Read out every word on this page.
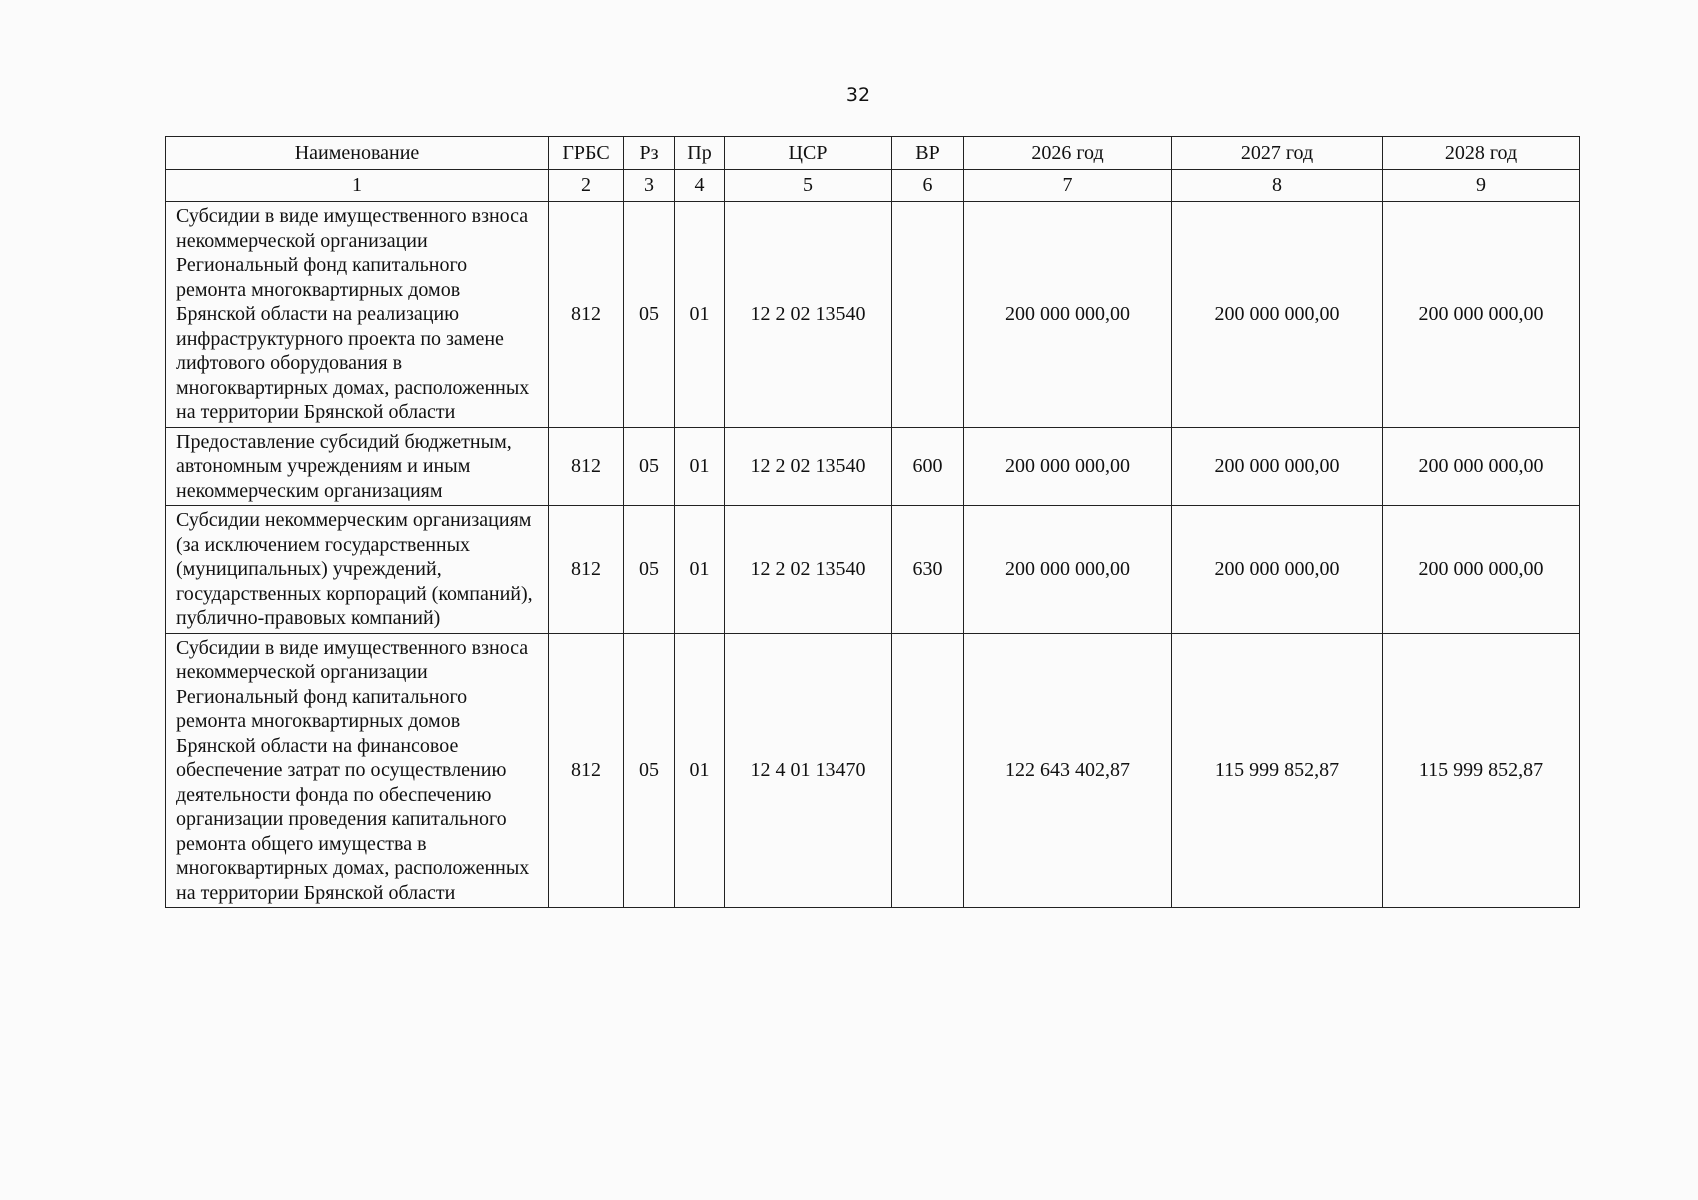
32
Наименование	ГРБС	Рз	Пр	ЦСР	ВР	2026 год	2027 год	2028 год
1	2	3	4	5	6	7	8	9
Субсидии в виде имущественного взноса некоммерческой организации Региональный фонд капитального ремонта многоквартирных домов Брянской области на реализацию инфраструктурного проекта по замене лифтового оборудования в многоквартирных домах, расположенных на территории Брянской области	812	05	01	12 2 02 13540		200 000 000,00	200 000 000,00	200 000 000,00
Предоставление субсидий бюджетным, автономным учреждениям и иным некоммерческим организациям	812	05	01	12 2 02 13540	600	200 000 000,00	200 000 000,00	200 000 000,00
Субсидии некоммерческим организациям (за исключением государственных (муниципальных) учреждений, государственных корпораций (компаний), публично-правовых компаний)	812	05	01	12 2 02 13540	630	200 000 000,00	200 000 000,00	200 000 000,00
Субсидии в виде имущественного взноса некоммерческой организации Региональный фонд капитального ремонта многоквартирных домов Брянской области на финансовое обеспечение затрат по осуществлению деятельности фонда по обеспечению организации проведения капитального ремонта общего имущества в многоквартирных домах, расположенных на территории Брянской области	812	05	01	12 4 01 13470		122 643 402,87	115 999 852,87	115 999 852,87
